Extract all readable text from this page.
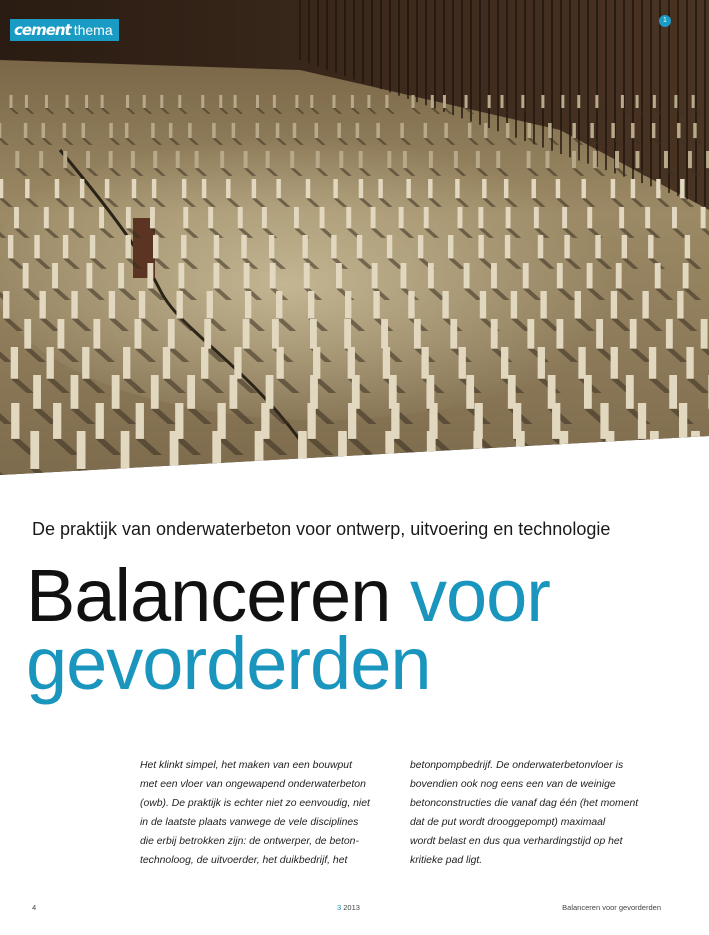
cement thema
1
De praktijk van onderwaterbeton voor ontwerp, uitvoering en technologie
Balanceren voor
gevorderden
Het klinkt simpel, het maken van een bouwput
met een vloer van ongewapend onderwaterbeton
(owb). De praktijk is echter niet zo eenvoudig, niet
in de laatste plaats vanwege de vele disciplines
die erbij betrokken zijn: de ontwerper, de beton-
technoloog, de uitvoerder, het duikbedrijf, het
betonpompbedrijf. De onderwaterbetonvloer is
bovendien ook nog eens een van de weinige
betonconstructies die vanaf dag één (het moment
dat de put wordt drooggepompt) maximaal
wordt belast en dus qua verhardingstijd op het
kritieke pad ligt.
4	3 2013	Balanceren voor gevorderden
